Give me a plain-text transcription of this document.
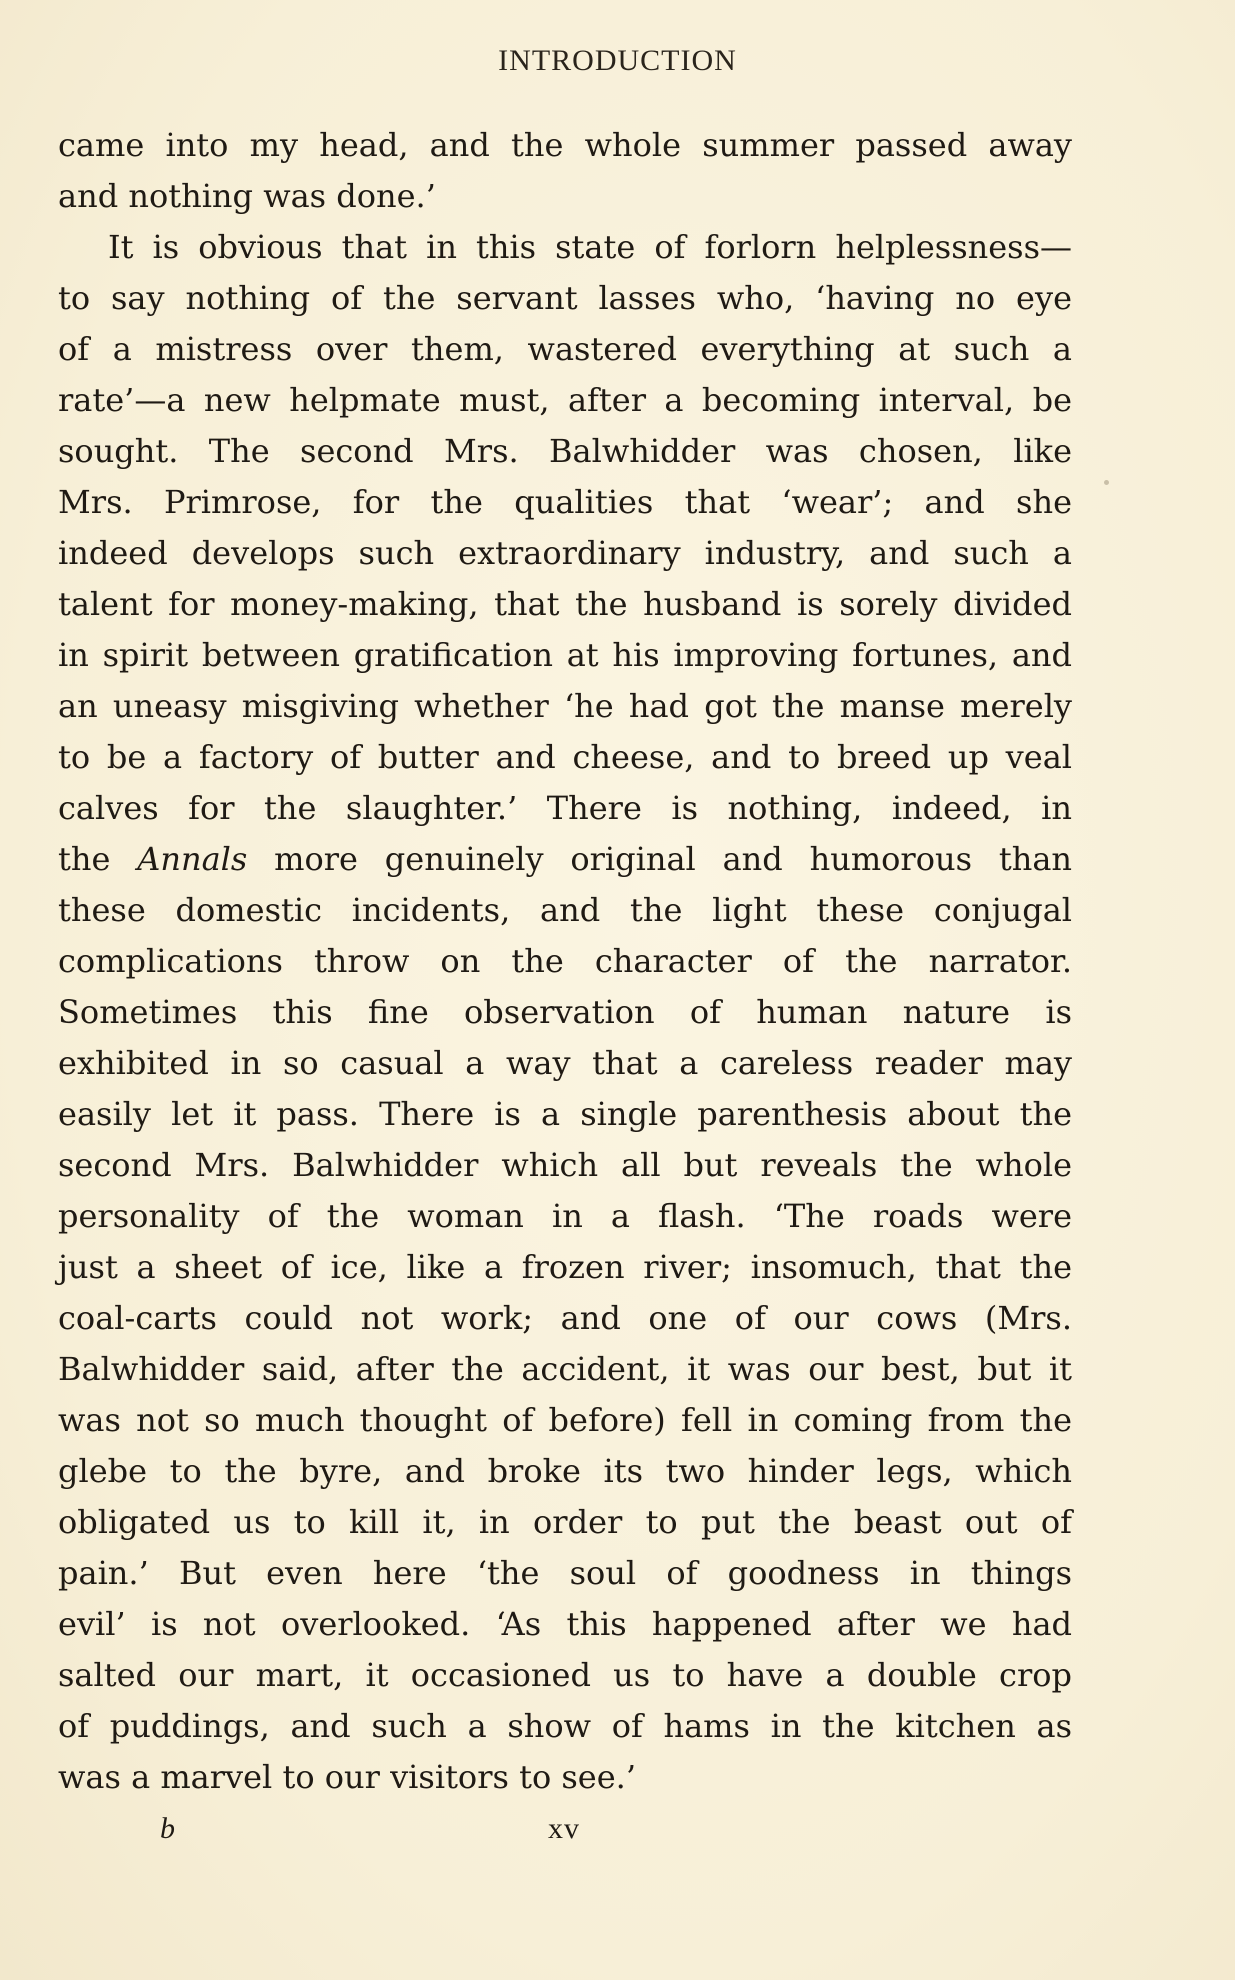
INTRODUCTION
came into my head, and the whole summer passed away
and nothing was done.’
It is obvious that in this state of forlorn helplessness—
to say nothing of the servant lasses who, ‘having no eye
of a mistress over them, wastered everything at such a
rate’—a new helpmate must, after a becoming interval, be
sought. The second Mrs. Balwhidder was chosen, like
Mrs. Primrose, for the qualities that ‘wear’; and she
indeed develops such extraordinary industry, and such a
talent for money-making, that the husband is sorely divided
in spirit between gratification at his improving fortunes, and
an uneasy misgiving whether ‘he had got the manse merely
to be a factory of butter and cheese, and to breed up veal
calves for the slaughter.’ There is nothing, indeed, in
the Annals more genuinely original and humorous than
these domestic incidents, and the light these conjugal
complications throw on the character of the narrator.
Sometimes this fine observation of human nature is
exhibited in so casual a way that a careless reader may
easily let it pass. There is a single parenthesis about the
second Mrs. Balwhidder which all but reveals the whole
personality of the woman in a flash. ‘The roads were
just a sheet of ice, like a frozen river; insomuch, that the
coal-carts could not work; and one of our cows (Mrs.
Balwhidder said, after the accident, it was our best, but it
was not so much thought of before) fell in coming from the
glebe to the byre, and broke its two hinder legs, which
obligated us to kill it, in order to put the beast out of
pain.’ But even here ‘the soul of goodness in things
evil’ is not overlooked. ‘As this happened after we had
salted our mart, it occasioned us to have a double crop
of puddings, and such a show of hams in the kitchen as
was a marvel to our visitors to see.’
b	xv
